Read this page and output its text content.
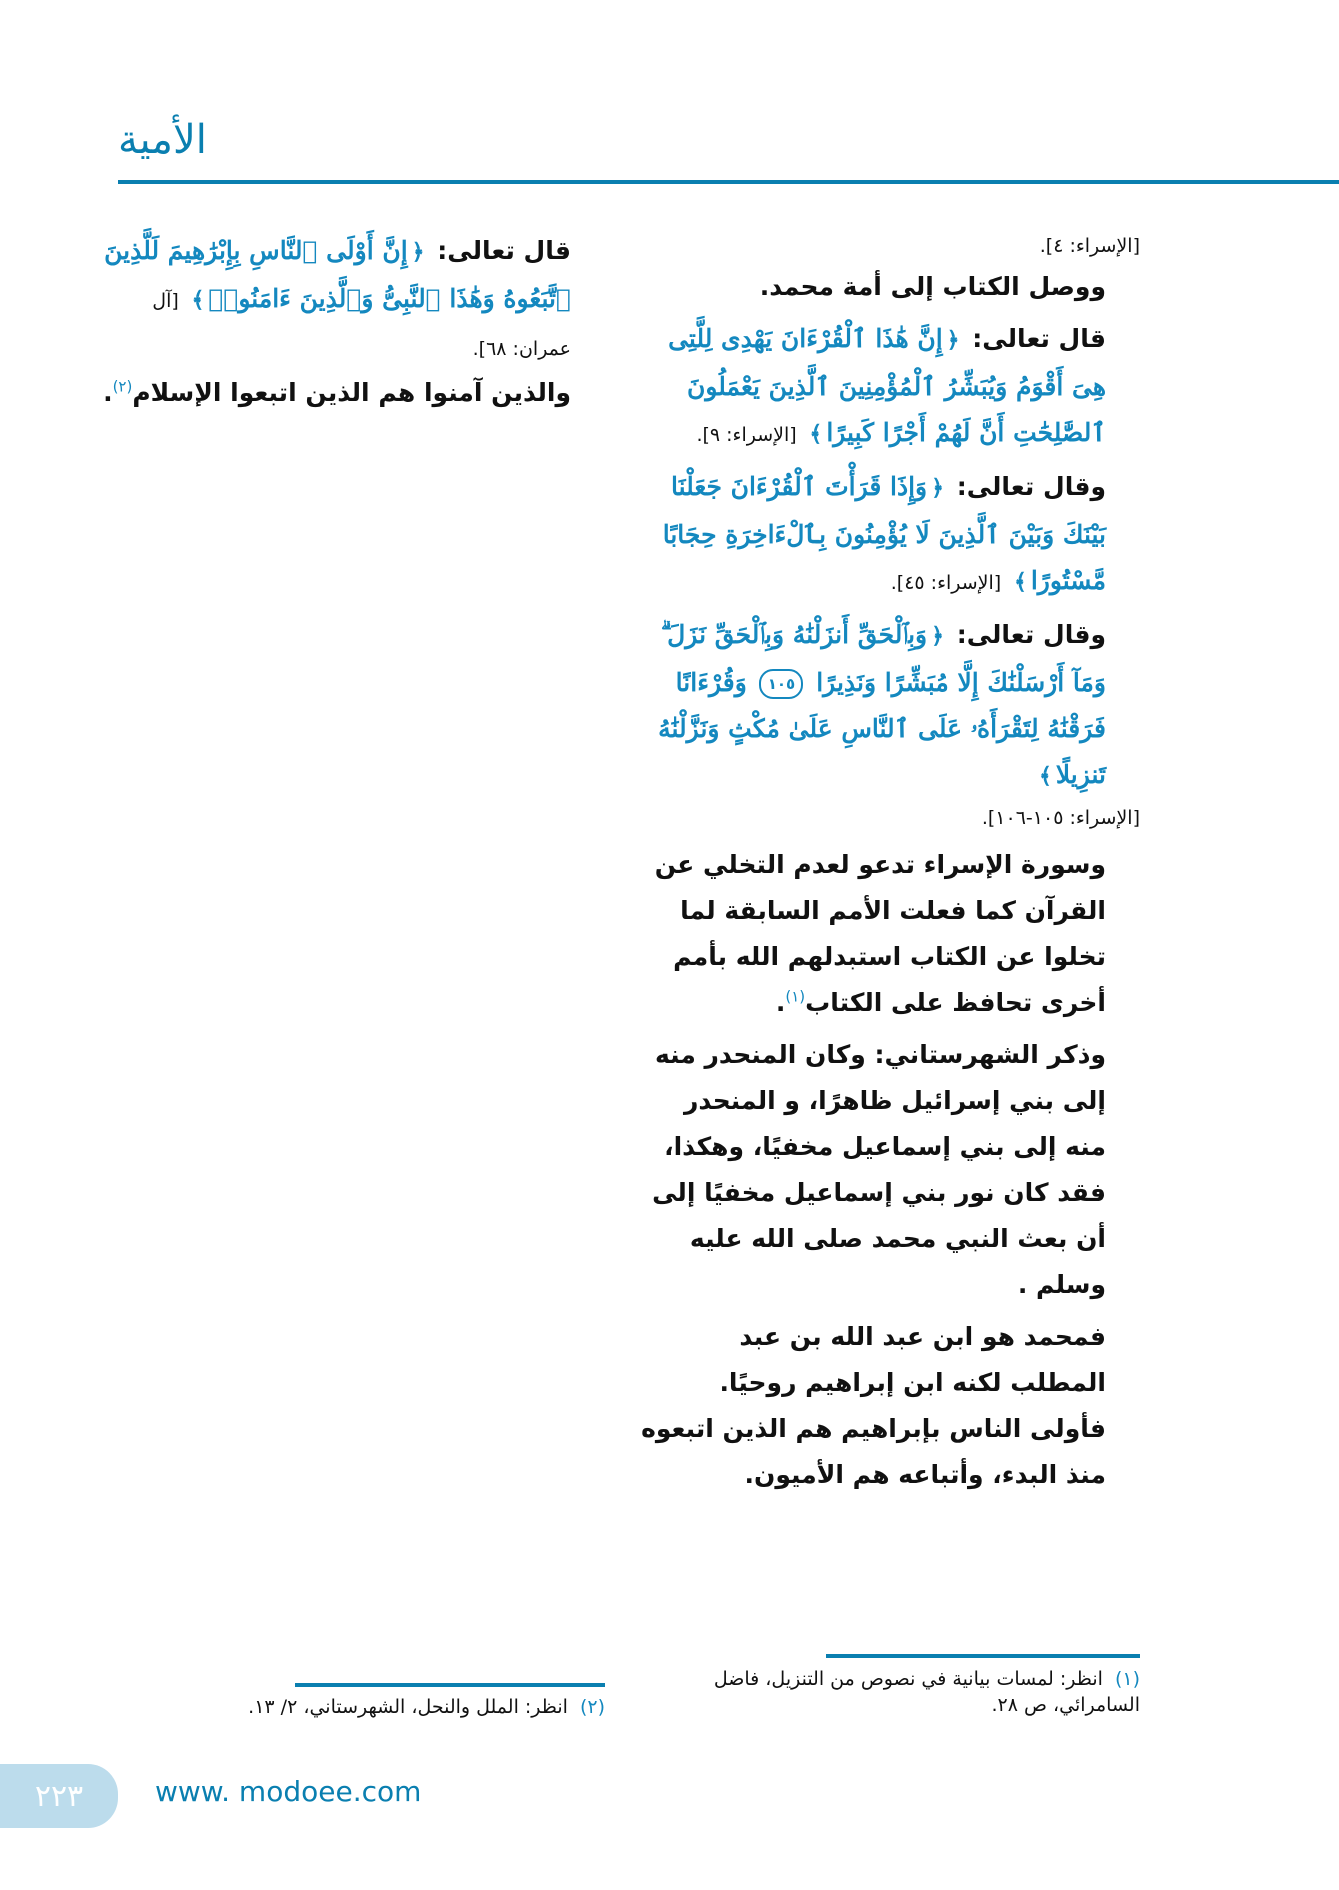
الأمية
[الإسراء: ٤].

ووصل الكتاب إلى أمة محمد.

قال تعالى: ﴿إِنَّ هَٰذَا ٱلْقُرْءَانَ يَهْدِى لِلَّتِى هِىَ أَقْوَمُ وَيُبَشِّرُ ٱلْمُؤْمِنِينَ ٱلَّذِينَ يَعْمَلُونَ ٱلصَّٰلِحَٰتِ أَنَّ لَهُمْ أَجْرًا كَبِيرًا﴾ [الإسراء: ٩].

وقال تعالى: ﴿وَإِذَا قَرَأْتَ ٱلْقُرْءَانَ جَعَلْنَا بَيْنَكَ وَبَيْنَ ٱلَّذِينَ لَا يُؤْمِنُونَ بِٱلْءَاخِرَةِ حِجَابًا مَّسْتُورًا﴾ [الإسراء: ٤٥].

وقال تعالى: ﴿وَبِٱلْحَقِّ أَنزَلْنَٰهُ وَبِٱلْحَقِّ نَزَلَ ۗ وَمَآ أَرْسَلْنَٰكَ إِلَّا مُبَشِّرًا وَنَذِيرًا ١٠٥ وَقُرْءَانًا فَرَقْنَٰهُ لِتَقْرَأَهُۥ عَلَى ٱلنَّاسِ عَلَىٰ مُكْثٍ وَنَزَّلْنَٰهُ تَنزِيلًا﴾

[الإسراء: ١٠٥-١٠٦].

وسورة الإسراء تدعو لعدم التخلي عن القرآن كما فعلت الأمم السابقة لما تخلوا عن الكتاب استبدلهم الله بأمم أخرى تحافظ على الكتاب$^{(١)}$.

وذكر الشهرستاني: وكان المنحدر منه إلى بني إسرائيل ظاهرًا، و المنحدر منه إلى بني إسماعيل مخفيًا، وهكذا، فقد كان نور بني إسماعيل مخفيًا إلى أن بعث النبي محمد صلى الله عليه وسلم .

فمحمد هو ابن عبد الله بن عبد المطلب لكنه ابن إبراهيم روحيًا. فأولى الناس بإبراهيم هم الذين اتبعوه منذ البدء، وأتباعه هم الأميون.

قال تعالى: ﴿إِنَّ أَوْلَى ٱلنَّاسِ بِإِبْرَٰهِيمَ لَلَّذِينَ ٱتَّبَعُوهُ وَهَٰذَا ٱلنَّبِىُّ وَٱلَّذِينَ ءَامَنُوا۟﴾ [آل عمران: ٦٨].

والذين آمنوا هم الذين اتبعوا الإسلام$^{(٢)}$.

(١)انظر: لمسات بيانية في نصوص من التنزيل، فاضل السامرائي، ص ٢٨.
(٢)انظر: الملل والنحل، الشهرستاني، ٢/ ١٣.
٢٢٣	www. modoee.com
